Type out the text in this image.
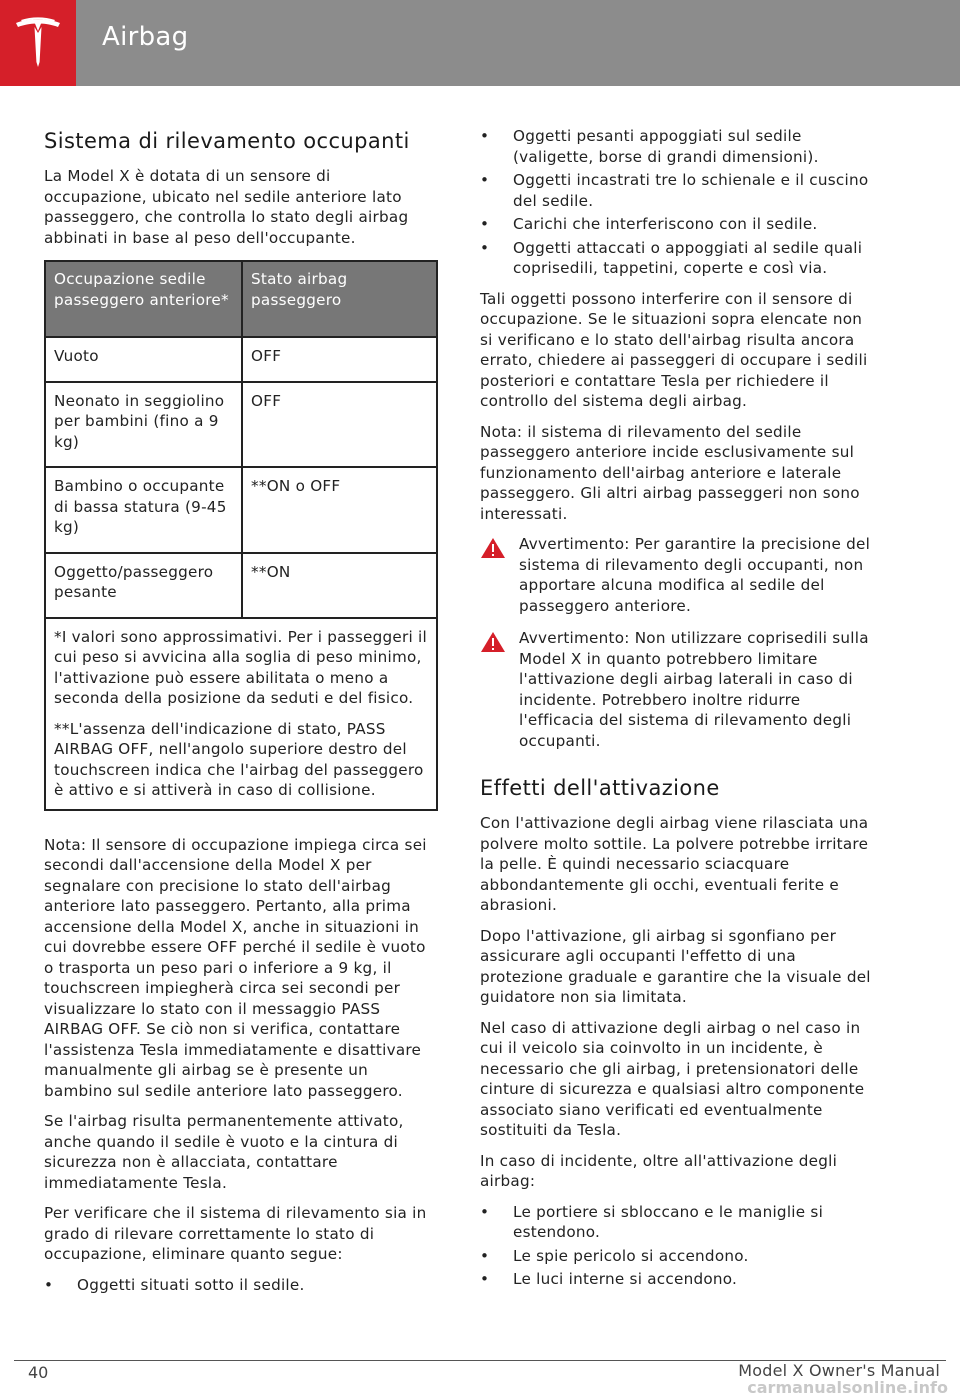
Airbag
Sistema di rilevamento occupanti

La Model X è dotata di un sensore di occupazione, ubicato nel sedile anteriore lato passeggero, che controlla lo stato degli airbag abbinati in base al peso dell'occupante.

Occupazione sedile passeggero anteriore*	Stato airbag passeggero
Vuoto	OFF
Neonato in seggiolino per bambini (fino a 9 kg)	OFF
Bambino o occupante di bassa statura (9-45 kg)	**ON o OFF
Oggetto/passeggero pesante	**ON

*I valori sono approssimativi. Per i passeggeri il cui peso si avvicina alla soglia di peso minimo, l'attivazione può essere abilitata o meno a seconda della posizione da seduti e del fisico.

**L'assenza dell'indicazione di stato, PASS AIRBAG OFF, nell'angolo superiore destro del touchscreen indica che l'airbag del passeggero è attivo e si attiverà in caso di collisione.	

Nota: Il sensore di occupazione impiega circa sei secondi dall'accensione della Model X per segnalare con precisione lo stato dell'airbag anteriore lato passeggero. Pertanto, alla prima accensione della Model X, anche in situazioni in cui dovrebbe essere OFF perché il sedile è vuoto o trasporta un peso pari o inferiore a 9 kg, il touchscreen impiegherà circa sei secondi per visualizzare lo stato con il messaggio PASS AIRBAG OFF. Se ciò non si verifica, contattare l'assistenza Tesla immediatamente e disattivare manualmente gli airbag se è presente un bambino sul sedile anteriore lato passeggero.

Se l'airbag risulta permanentemente attivato, anche quando il sedile è vuoto e la cintura di sicurezza non è allacciata, contattare immediatamente Tesla.

Per verificare che il sistema di rilevamento sia in grado di rilevare correttamente lo stato di occupazione, eliminare quanto segue:

• Oggetti situati sotto il sedile.
• Oggetti pesanti appoggiati sul sedile (valigette, borse di grandi dimensioni).
• Oggetti incastrati tre lo schienale e il cuscino del sedile.
• Carichi che interferiscono con il sedile.
• Oggetti attaccati o appoggiati al sedile quali coprisedili, tappetini, coperte e così via.

Tali oggetti possono interferire con il sensore di occupazione. Se le situazioni sopra elencate non si verificano e lo stato dell'airbag risulta ancora errato, chiedere ai passeggeri di occupare i sedili posteriori e contattare Tesla per richiedere il controllo del sistema degli airbag.

Nota: il sistema di rilevamento del sedile passeggero anteriore incide esclusivamente sul funzionamento dell'airbag anteriore e laterale passeggero. Gli altri airbag passeggeri non sono interessati.

Avvertimento: Per garantire la precisione del sistema di rilevamento degli occupanti, non apportare alcuna modifica al sedile del passeggero anteriore.

Avvertimento: Non utilizzare coprisedili sulla Model X in quanto potrebbero limitare l'attivazione degli airbag laterali in caso di incidente. Potrebbero inoltre ridurre l'efficacia del sistema di rilevamento degli occupanti.

Effetti dell'attivazione

Con l'attivazione degli airbag viene rilasciata una polvere molto sottile. La polvere potrebbe irritare la pelle. È quindi necessario sciacquare abbondantemente gli occhi, eventuali ferite e abrasioni.

Dopo l'attivazione, gli airbag si sgonfiano per assicurare agli occupanti l'effetto di una protezione graduale e garantire che la visuale del guidatore non sia limitata.

Nel caso di attivazione degli airbag o nel caso in cui il veicolo sia coinvolto in un incidente, è necessario che gli airbag, i pretensionatori delle cinture di sicurezza e qualsiasi altro componente associato siano verificati ed eventualmente sostituiti da Tesla.

In caso di incidente, oltre all'attivazione degli airbag:

• Le portiere si sbloccano e le maniglie si estendono.
• Le spie pericolo si accendono.
• Le luci interne si accendono.
40	Model X Owner's Manual
carmanualsonline.info
